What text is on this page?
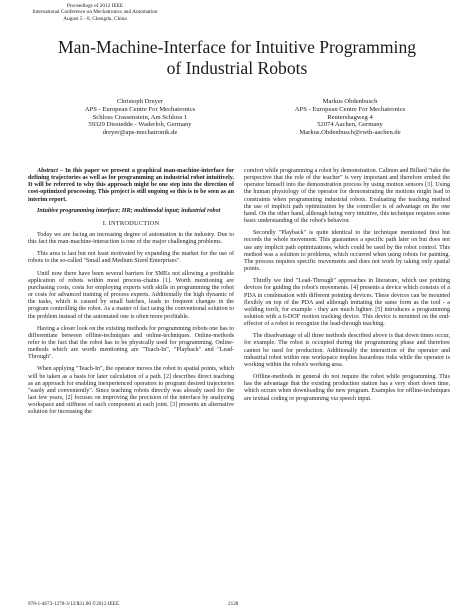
Proceedings of 2012 IEEE
International Conference on Mechatronics and Automation
August 5 - 8, Chengdu, China
Man-Machine-Interface for Intuitive Programming
of Industrial Robots
Christoph Dreyer
APS - European Centre For Mechatronics
Schloss Crassenstein, Am Schloss 1
59329 Diestedde - Waderloh, Germany
dreyer@aps-mechatronik.de
Markus Obdenbusch
APS - European Centre For Mechatronics
Reutershagweg 4
52074 Aachen, Germany
Markus.Obdenbusch@rwth-aachen.de

Abstract – In this paper we present a graphical man-machine-interface for defining trajectories as well as for programming an industrial robot intuitively. It will be referred to why this approach might be one step into the direction of cost-optimized processing. This project is still ongoing so this is to be seen as an interim report.

Intuitive programming interface; HR; multimodal input; industrial robot

I. INTRODUCTION

Today we are facing an increasing degree of automation in the industry. Due to this fact the man-machine-interaction is one of the major challenging problems.

This area is last but not least motivated by expanding the market for the use of robots to the so-called "Small and Medium Sized Enterprises".

Until now there have been several barriers for SMEs not allowing a profitable application of robots within most process-chains [1]. Worth mentioning are purchasing costs, costs for employing experts with skills in programming the robot or costs for advanced training of process experts. Additionally the high dynamic of the tasks, which is caused by small batches, leads to frequent changes in the program controlling the robot. As a matter of fact using the conventional solution to the problem instead of the automated one is often more profitable.

Having a closer look on the existing methods for programming robots one has to differentiate between offline-techniques and online-techniques. Online-methods refer to the fact that the robot has to be physically used for programming. Online-methods which are worth mentioning are "Teach-In", "Playback" and "Lead-Through".

When applying "Teach-In", the operator moves the robot to spatial points, which will be taken as a basis for later calculation of a path. [2] describes direct teaching as an approach for enabling inexperienced operators to program desired trajectories "easily and conveniently". Since teaching robots directly was already used for the last few years, [2] focuses on improving the precision of the interface by analyzing workspace and stiffness of each component at each joint. [3] presents an alternative solution for increasing the

comfort while programming a robot by demonstration. Calinon and Billard "take the perspective that the role of the teacher" is very important and therefore embed the operator himself into the demonstration process by using motion sensors [3]. Using the human physiology of the operator for demonstrating the motions might lead to constraints when programming industrial robots. Evaluating the teaching method the use of implicit path optimization by the controller is of advantage on the one hand. On the other hand, although being very intuitive, this technique requires some basic understanding of the robot's behavior.

Secondly "Playback" is quite identical to the technique mentioned first but records the whole movement. This guarantees a specific path later on but does not use any implicit path optimizations, which could be used by the robot control. This method was a solution to problems, which occurred when using robots for painting. The process requires specific movements and does not work by taking only spatial points.

Thirdly we find "Lead-Through" approaches in literature, which use pointing devices for guiding the robot's movements. [4] presents a device which consists of a PDA in combination with different pointing devices. These devices can be mounted flexibly on top of the PDA and although imitating the same form as the tool - a welding torch, for example - they are much lighter. [5] introduces a programming solution with a 6-DOF motion tracking device. This device is mounted on the end-effector of a robot to recognize the lead-through teaching.

The disadvantage of all three methods described above is that down times occur, for example. The robot is occupied during the programming phase and therefore cannot be used for production. Additionally the interaction of the operator and industrial robot within one workspace implies hazardous risks while the operator is working within the robot's working area.

Offline-methods in general do not require the robot while programming. This has the advantage that the existing production station has a very short down time, which occurs when downloading the new program. Examples for offline-techniques are textual coding or programming via speech input.

978-1-4673-1278-3/12/$31.00 ©2012 IEEE	2128
